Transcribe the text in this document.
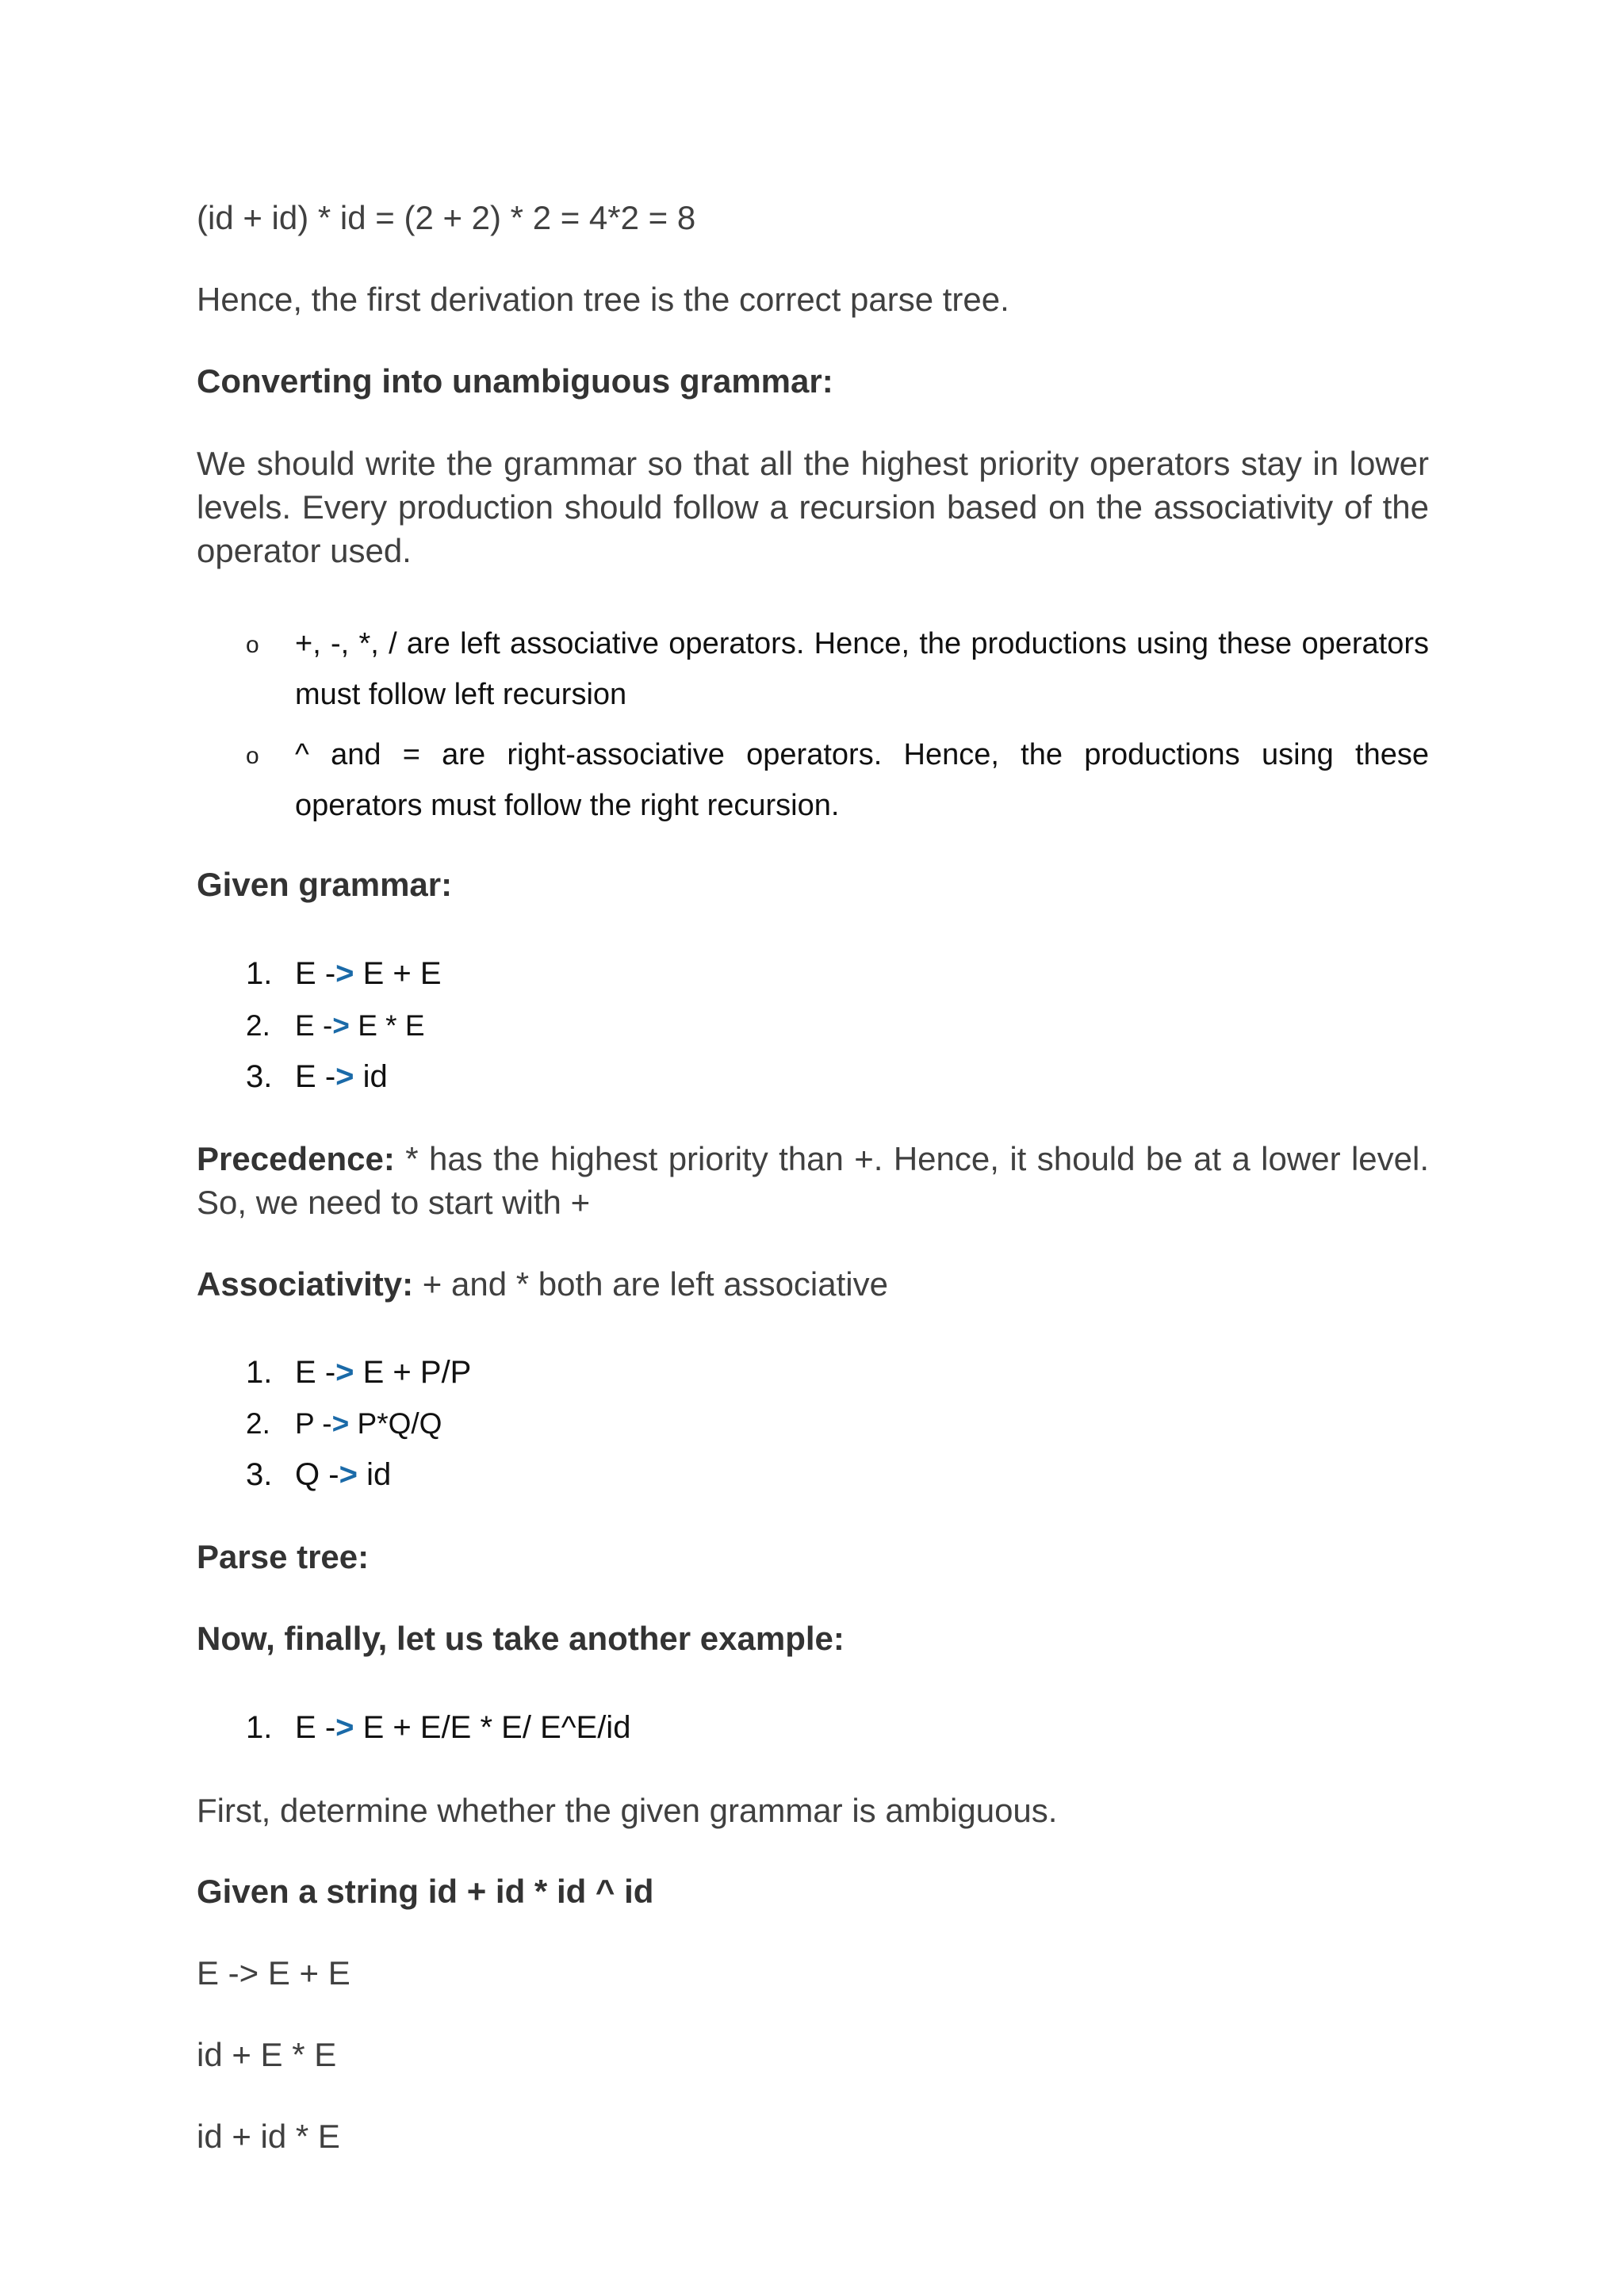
(id + id) * id = (2 + 2) * 2 = 4*2 = 8

Hence, the first derivation tree is the correct parse tree.

Converting into unambiguous grammar:

We should write the grammar so that all the highest priority operators stay in lower levels. Every production should follow a recursion based on the associativity of the operator used.

o +, -, *, / are left associative operators. Hence, the productions using these operators must follow left recursion
o ^ and = are right-associative operators. Hence, the productions using these operators must follow the right recursion.

Given grammar:

1. E -> E + E
2. E -> E * E
3. E -> id

Precedence: * has the highest priority than +. Hence, it should be at a lower level. So, we need to start with +

Associativity: + and * both are left associative

1. E -> E + P/P
2. P -> P*Q/Q
3. Q -> id

Parse tree:

Now, finally, let us take another example:

1. E -> E + E/E * E/ E^E/id

First, determine whether the given grammar is ambiguous.

Given a string id + id * id ^ id

E -> E + E

id + E * E

id + id * E
